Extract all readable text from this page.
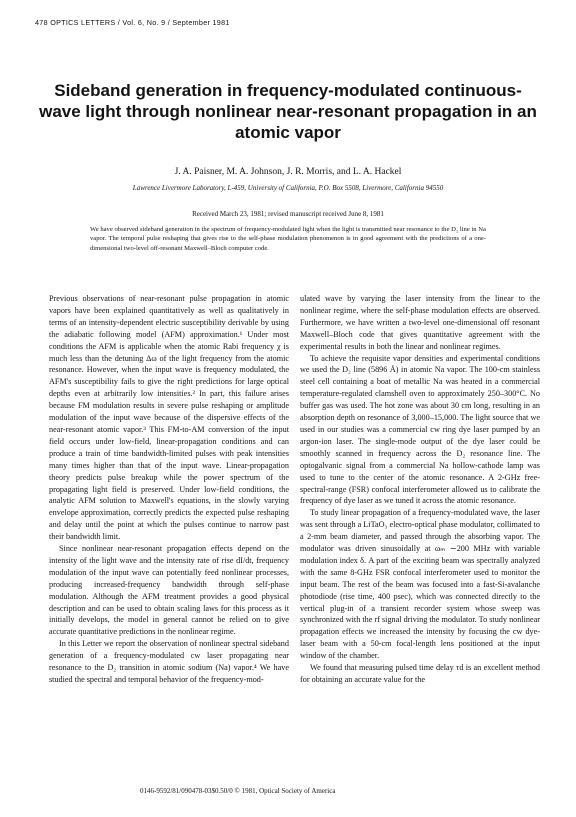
478 OPTICS LETTERS / Vol. 6, No. 9 / September 1981
Sideband generation in frequency-modulated continuous-wave light through nonlinear near-resonant propagation in an atomic vapor
J. A. Paisner, M. A. Johnson, J. R. Morris, and L. A. Hackel
Lawrence Livermore Laboratory, L-459, University of California, P.O. Box 5508, Livermore, California 94550
Received March 23, 1981; revised manuscript received June 8, 1981

We have observed sideband generation in the spectrum of frequency-modulated light when the light is transmitted near resonance to the D₂ line in Na vapor. The temporal pulse reshaping that gives rise to the self-phase modulation phenomenon is in good agreement with the predictions of a one-dimensional two-level off-resonant Maxwell–Bloch computer code.

Previous observations of near-resonant pulse propagation in atomic vapors have been explained quantitatively as well as qualitatively in terms of an intensity-dependent electric susceptibility derivable by using the adiabatic following model (AFM) approximation.¹ Under most conditions the AFM is applicable when the atomic Rabi frequency χ is much less than the detuning Δω of the light frequency from the atomic resonance. However, when the input wave is frequency modulated, the AFM's susceptibility fails to give the right predictions for large optical depths even at arbitrarily low intensities.² In part, this failure arises because FM modulation results in severe pulse reshaping or amplitude modulation of the input wave because of the dispersive effects of the near-resonant atomic vapor.³ This FM-to-AM conversion of the input field occurs under low-field, linear-propagation conditions and can produce a train of time bandwidth-limited pulses with peak intensities many times higher than that of the input wave. Linear-propagation theory predicts pulse breakup while the power spectrum of the propagating light field is preserved. Under low-field conditions, the analytic AFM solution to Maxwell's equations, in the slowly varying envelope approximation, correctly predicts the expected pulse reshaping and delay until the point at which the pulses continue to narrow past their bandwidth limit.

Since nonlinear near-resonant propagation effects depend on the intensity of the light wave and the intensity rate of rise dI/dt, frequency modulation of the input wave can potentially feed nonlinear processes, producing increased-frequency bandwidth through self-phase modulation. Although the AFM treatment provides a good physical description and can be used to obtain scaling laws for this process as it initially develops, the model in general cannot be relied on to give accurate quantitative predictions in the nonlinear regime.

In this Letter we report the observation of nonlinear spectral sideband generation of a frequency-modulated cw laser propagating near resonance to the D₂ transition in atomic sodium (Na) vapor.⁴ We have studied the spectral and temporal behavior of the frequency-mod-

ulated wave by varying the laser intensity from the linear to the nonlinear regime, where the self-phase modulation effects are observed. Furthermore, we have written a two-level one-dimensional off resonant Maxwell–Bloch code that gives quantitative agreement with the experimental results in both the linear and nonlinear regimes.

To achieve the requisite vapor densities and experimental conditions we used the D₂ line (5896 Å) in atomic Na vapor. The 100-cm stainless steel cell containing a boat of metallic Na was heated in a commercial temperature-regulated clamshell oven to approximately 250–300°C. No buffer gas was used. The hot zone was about 30 cm long, resulting in an absorption depth on resonance of 3,000–15,000. The light source that we used in our studies was a commercial cw ring dye laser pumped by an argon-ion laser. The single-mode output of the dye laser could be smoothly scanned in frequency across the D₂ resonance line. The optogalvanic signal from a commercial Na hollow-cathode lamp was used to tune to the center of the atomic resonance. A 2-GHz free-spectral-range (FSR) confocal interferometer allowed us to calibrate the frequency of dye laser as we tuned it across the atomic resonance.

To study linear propagation of a frequency-modulated wave, the laser was sent through a LiTaO₃ electro-optical phase modulator, collimated to a 2-mm beam diameter, and passed through the absorbing vapor. The modulator was driven sinusoidally at ωₘ ∼200 MHz with variable modulation index δ. A part of the exciting beam was spectrally analyzed with the same 8-GHz FSR confocal interferometer used to monitor the input beam. The rest of the beam was focused into a fast-Si-avalanche photodiode (rise time, 400 psec), which was connected directly to the vertical plug-in of a transient recorder system whose sweep was synchronized with the rf signal driving the modulator. To study nonlinear propagation effects we increased the intensity by focusing the cw dye-laser beam with a 50-cm focal-length lens positioned at the input window of the chamber.

We found that measuring pulsed time delay τd is an excellent method for obtaining an accurate value for the

0146-9592/81/090478-03$0.50/0 © 1981, Optical Society of America
